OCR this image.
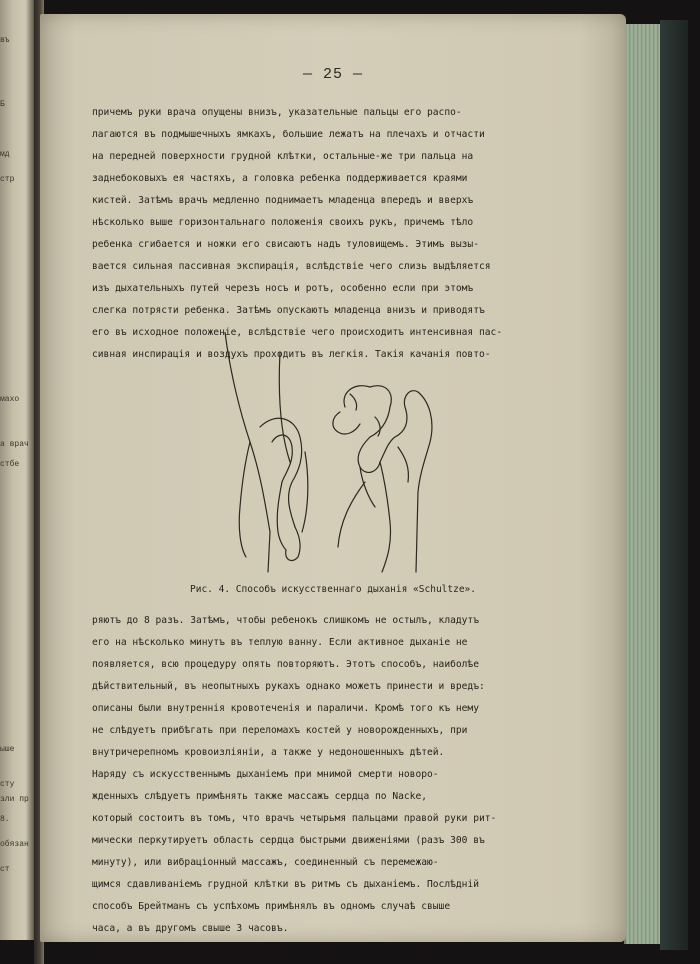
въ
Б
мд
стр
махо
а врач
стбе
ыше
сту
зли пр
8.
обязан
ст
— 25 —
причемъ руки врача опущены внизъ, указательные пальцы его распо-
лагаются въ подмышечныхъ ямкахъ, большие лежатъ на плечахъ и отчасти
на передней поверхности грудной клѣтки, остальные-же три пальца на
заднебоковыхъ ея частяхъ, а головка ребенка поддерживается краями
кистей. Затѣмъ врачъ медленно поднимаетъ младенца впередъ и вверхъ
нѣсколько выше горизонтальнаго положенія своихъ рукъ, причемъ тѣло
ребенка сгибается и ножки его свисаютъ надъ туловищемъ. Этимъ вызы-
вается сильная пассивная экспирація, вслѣдствіе чего слизь выдѣляется
изъ дыхательныхъ путей черезъ носъ и ротъ, особенно если при этомъ
слегка потрясти ребенка. Затѣмъ опускаютъ младенца внизъ и приводятъ
его въ исходное положеніе, вслѣдствіе чего происходитъ интенсивная пас-
сивная инспирація и воздухъ проходитъ въ легкія. Такія качанія повто-
Рис. 4. Способъ искусственнаго дыханія «Schultze».
ряютъ до 8 разъ. Затѣмъ, чтобы ребенокъ слишкомъ не остылъ, кладутъ
его на нѣсколько минутъ въ теплую ванну. Если активное дыханіе не
появляется, всю процедуру опять повторяютъ. Этотъ способъ, наиболѣе
дѣйствительный, въ неопытныхъ рукахъ однако можетъ принести и вредъ:
описаны были внутреннія кровотеченія и параличи. Кромѣ того къ нему
не слѣдуетъ прибѣгать при переломахъ костей у новорожденныхъ, при
внутричерепномъ кровоизліяніи, а также у недоношенныхъ дѣтей.
Наряду съ искусственнымъ дыханіемъ при мнимой смерти новоро-
жденныхъ слѣдуетъ примѣнять также массажъ сердца по Nacke,
который состоитъ въ томъ, что врачъ четырьмя пальцами правой руки рит-
мически перкутируетъ область сердца быстрыми движеніями (разъ 300 въ
минуту), или вибраціонный массажъ, соединенный съ перемежаю-
щимся сдавливаніемъ грудной клѣтки въ ритмъ съ дыханіемъ. Послѣдній
способъ Брейтманъ съ успѣхомъ примѣнялъ въ одномъ случаѣ свыше
часа, а въ другомъ свыше 3 часовъ.
